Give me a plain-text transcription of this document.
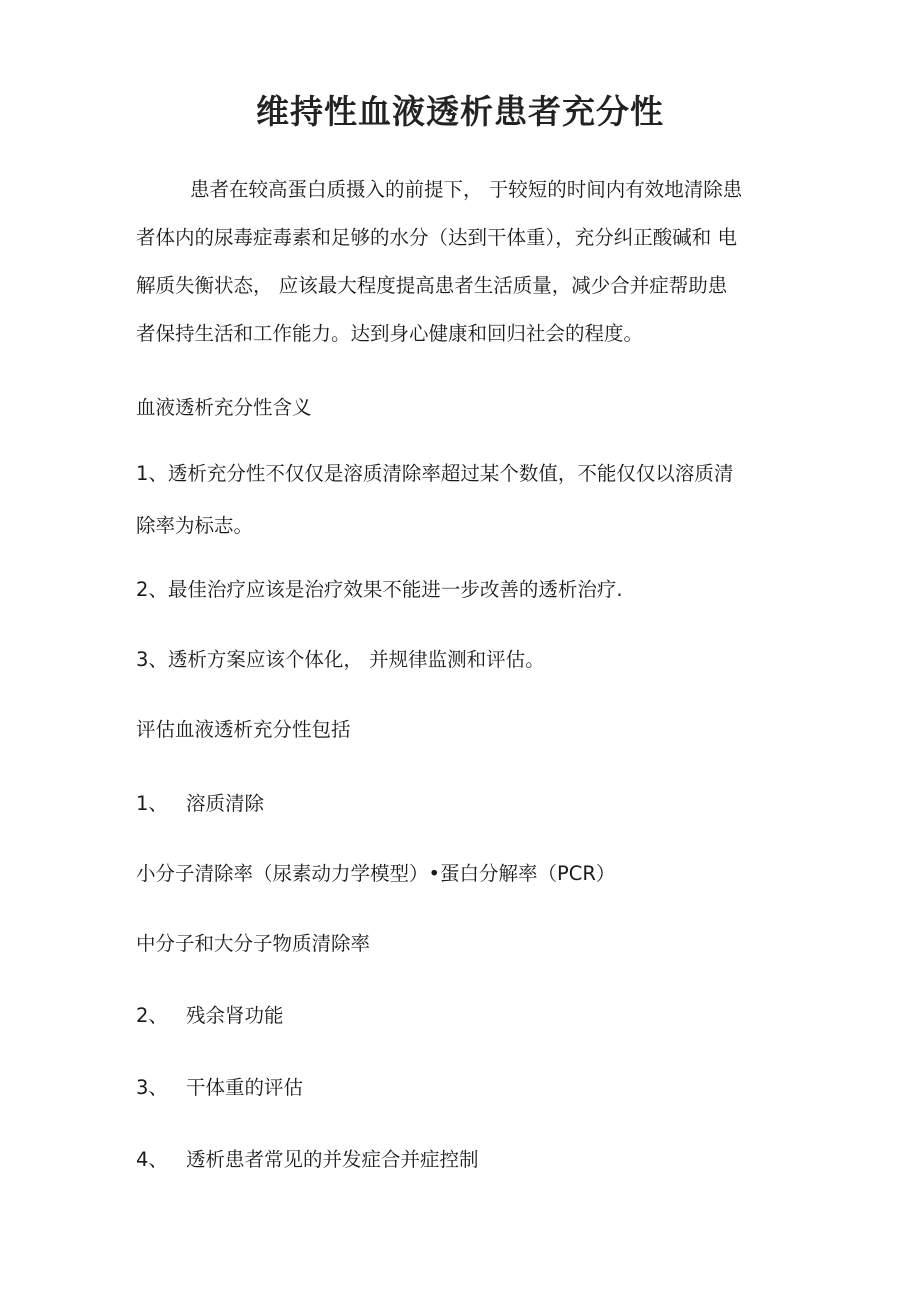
维持性血液透析患者充分性
患者在较高蛋白质摄入的前提下， 于较短的时间内有效地清除患
者体内的尿毒症毒素和足够的水分（达到干体重），充分纠正酸碱和 电
解质失衡状态， 应该最大程度提高患者生活质量，减少合并症帮助患
者保持生活和工作能力。达到身心健康和回归社会的程度。
血液透析充分性含义
1、透析充分性不仅仅是溶质清除率超过某个数值，不能仅仅以溶质清
除率为标志。
2、最佳治疗应该是治疗效果不能进一步改善的透析治疗.
3、透析方案应该个体化， 并规律监测和评估。
评估血液透析充分性包括
1、 溶质清除
小分子清除率（尿素动力学模型）•蛋白分解率（PCR）
中分子和大分子物质清除率
2、 残余肾功能
3、 干体重的评估
4、 透析患者常见的并发症合并症控制
